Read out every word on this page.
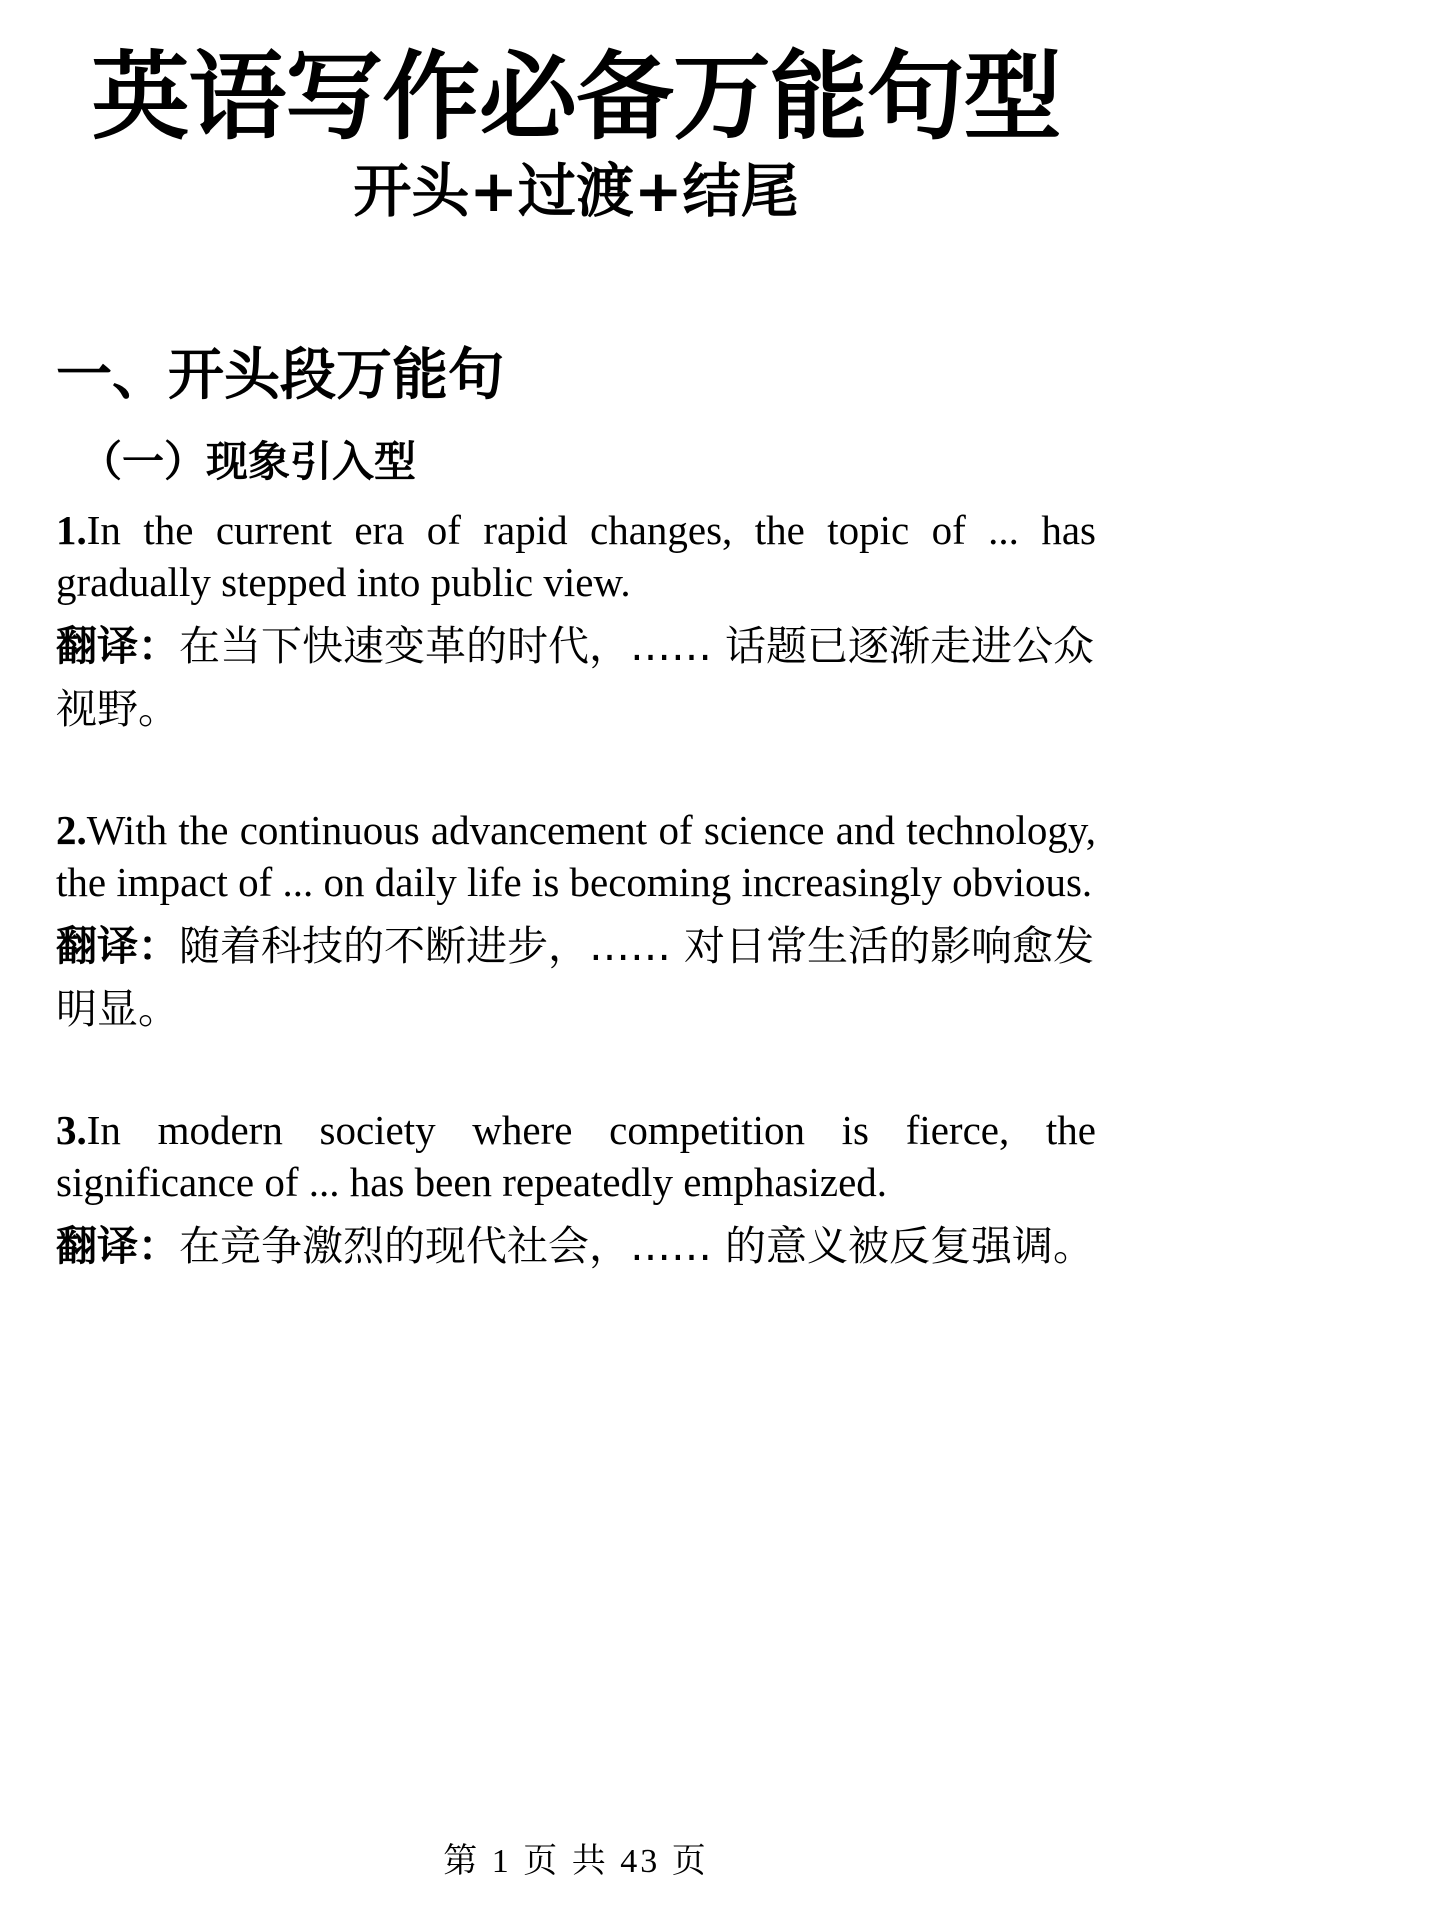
英语写作必备万能句型
开头+过渡+结尾
一、开头段万能句
（一）现象引入型

1.In the current era of rapid changes, the topic of ... has gradually stepped into public view.

翻译：在当下快速变革的时代，…… 话题已逐渐走进公众视野。

2.With the continuous advancement of science and technology, the impact of ... on daily life is becoming increasingly obvious.

翻译：随着科技的不断进步，…… 对日常生活的影响愈发明显。

3.In modern society where competition is fierce, the significance of ... has been repeatedly emphasized.

翻译：在竞争激烈的现代社会，…… 的意义被反复强调。

第 1 页 共 43 页
